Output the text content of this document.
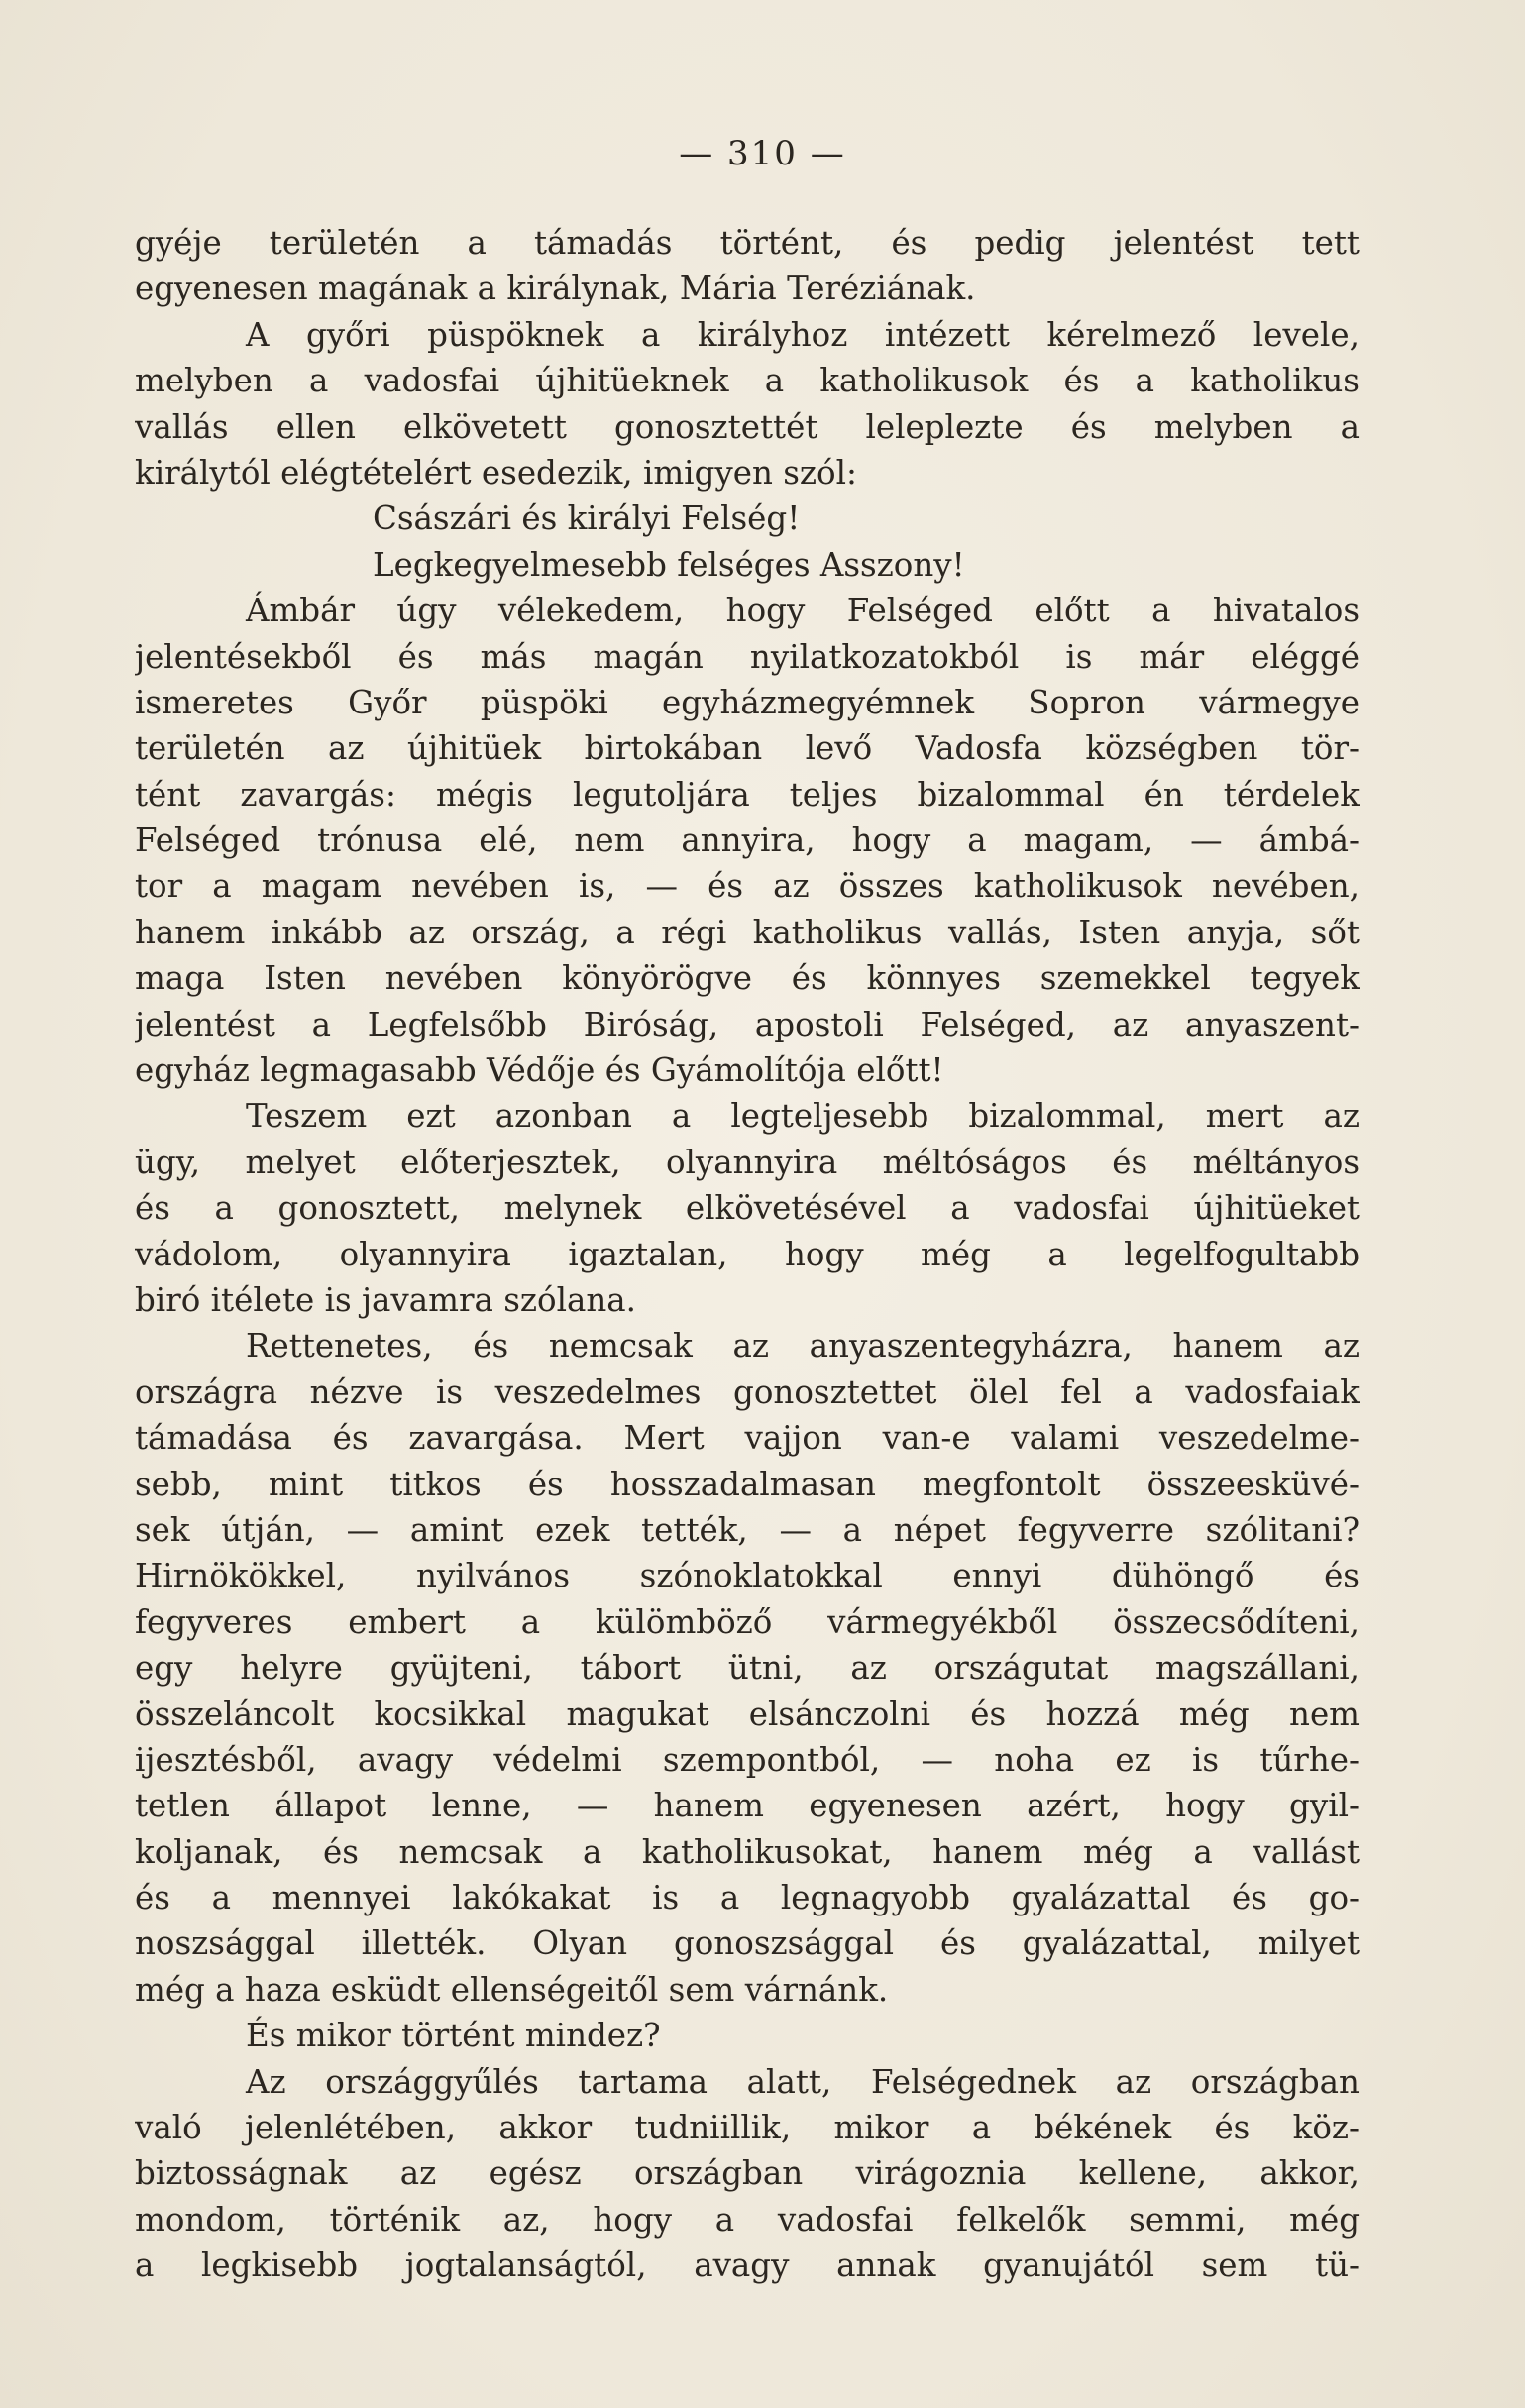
— 310 —
gyéje területén a támadás történt, és pedig jelentést tett
egyenesen magának a királynak, Mária Teréziának.
A győri püspöknek a királyhoz intézett kérelmező levele,
melyben a vadosfai újhitüeknek a katholikusok és a katholikus
vallás ellen elkövetett gonosztettét leleplezte és melyben a
királytól elégtételért esedezik, imigyen szól:
Császári és királyi Felség!
Legkegyelmesebb felséges Asszony!
Ámbár úgy vélekedem, hogy Felséged előtt a hivatalos
jelentésekből és más magán nyilatkozatokból is már eléggé
ismeretes Győr püspöki egyházmegyémnek Sopron vármegye
területén az újhitüek birtokában levő Vadosfa községben tör-
tént zavargás: mégis legutoljára teljes bizalommal én térdelek
Felséged trónusa elé, nem annyira, hogy a magam, — ámbá-
tor a magam nevében is, — és az összes katholikusok nevében,
hanem inkább az ország, a régi katholikus vallás, Isten anyja, sőt
maga Isten nevében könyörögve és könnyes szemekkel tegyek
jelentést a Legfelsőbb Biróság, apostoli Felséged, az anyaszent-
egyház legmagasabb Védője és Gyámolítója előtt!
Teszem ezt azonban a legteljesebb bizalommal, mert az
ügy, melyet előterjesztek, olyannyira méltóságos és méltányos
és a gonosztett, melynek elkövetésével a vadosfai újhitüeket
vádolom, olyannyira igaztalan, hogy még a legelfogultabb
biró itélete is javamra szólana.
Rettenetes, és nemcsak az anyaszentegyházra, hanem az
országra nézve is veszedelmes gonosztettet ölel fel a vadosfaiak
támadása és zavargása. Mert vajjon van-e valami veszedelme-
sebb, mint titkos és hosszadalmasan megfontolt összeesküvé-
sek útján, — amint ezek tették, — a népet fegyverre szólitani?
Hirnökökkel, nyilvános szónoklatokkal ennyi dühöngő és
fegyveres embert a külömböző vármegyékből összecsődíteni,
egy helyre gyüjteni, tábort ütni, az országutat magszállani,
összeláncolt kocsikkal magukat elsánczolni és hozzá még nem
ijesztésből, avagy védelmi szempontból, — noha ez is tűrhe-
tetlen állapot lenne, — hanem egyenesen azért, hogy gyil-
koljanak, és nemcsak a katholikusokat, hanem még a vallást
és a mennyei lakókakat is a legnagyobb gyalázattal és go-
noszsággal illették. Olyan gonoszsággal és gyalázattal, milyet
még a haza esküdt ellenségeitől sem várnánk.
És mikor történt mindez?
Az országgyűlés tartama alatt, Felségednek az országban
való jelenlétében, akkor tudniillik, mikor a békének és köz-
biztosságnak az egész országban virágoznia kellene, akkor,
mondom, történik az, hogy a vadosfai felkelők semmi, még
a legkisebb jogtalanságtól, avagy annak gyanujától sem tü-
